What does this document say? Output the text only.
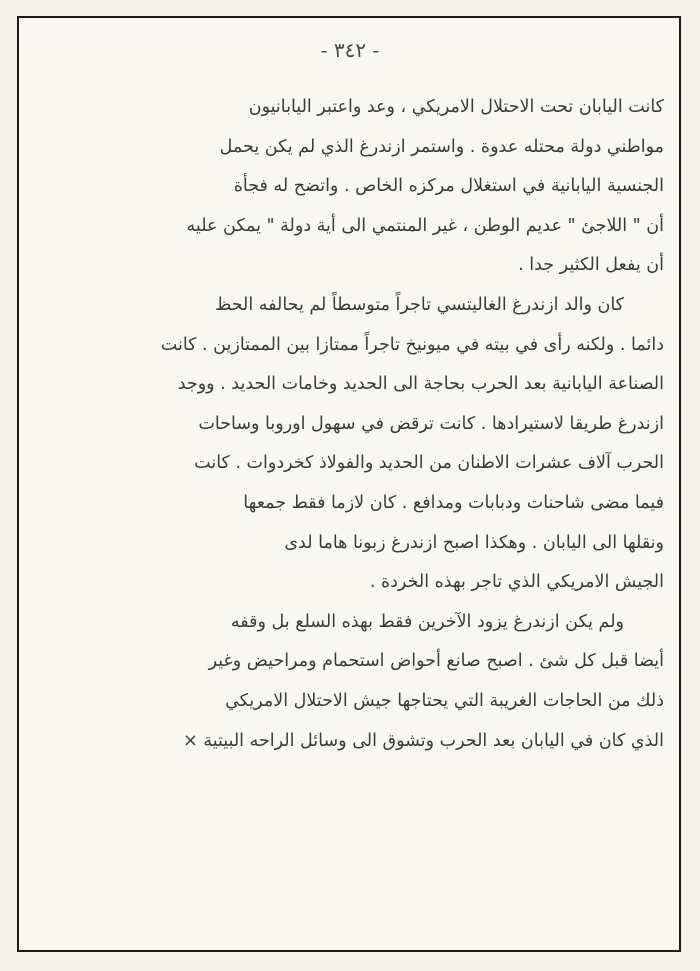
- ٣٤٢ -
كانت اليابان تحت الاحتلال الامريكي ، وعد واعتبر اليابانيون
مواطني دولة محتله عدوة . واستمر ازندرغ الذي لم يكن يحمل
الجنسية اليابانية في استغلال مركزه الخاص . واتضح له فجأة
أن " اللاجئ " عديم الوطن ، غير المنتمي الى أية دولة " يمكن عليه
أن يفعل الكثير جدا .
كان والد ازندرغ الغاليتسي تاجراً متوسطاً لم يحالفه الحظ
دائما . ولكنه رأى في بيته في ميونيخ تاجراً ممتازا بين الممتازين . كانت
الصناعة اليابانية بعد الحرب بحاجة الى الحديد وخامات الحديد . ووجد
ازندرغ طريقا لاستيرادها . كانت ترقض في سهول اوروبا وساحات
الحرب آلاف عشرات الاطنان من الحديد والفولاذ كخردوات . كانت
فيما مضى شاحنات ودبابات ومدافع . كان لازما فقط جمعها
ونقلها الى اليابان . وهكذا اصبح ازندرغ زبونا هاما لدى
الجيش الامريكي الذي تاجر بهذه الخردة .
ولم يكن ازندرغ يزود الآخرين فقط بهذه السلع بل وقفه
أيضا قبل كل شئ . اصبح صانع أحواض استحمام ومراحيض وغير
ذلك من الحاجات الغريبة التي يحتاجها جيش الاحتلال الامريكي
الذي كان في اليابان بعد الحرب وتشوق الى وسائل الراحه البيتية ×
